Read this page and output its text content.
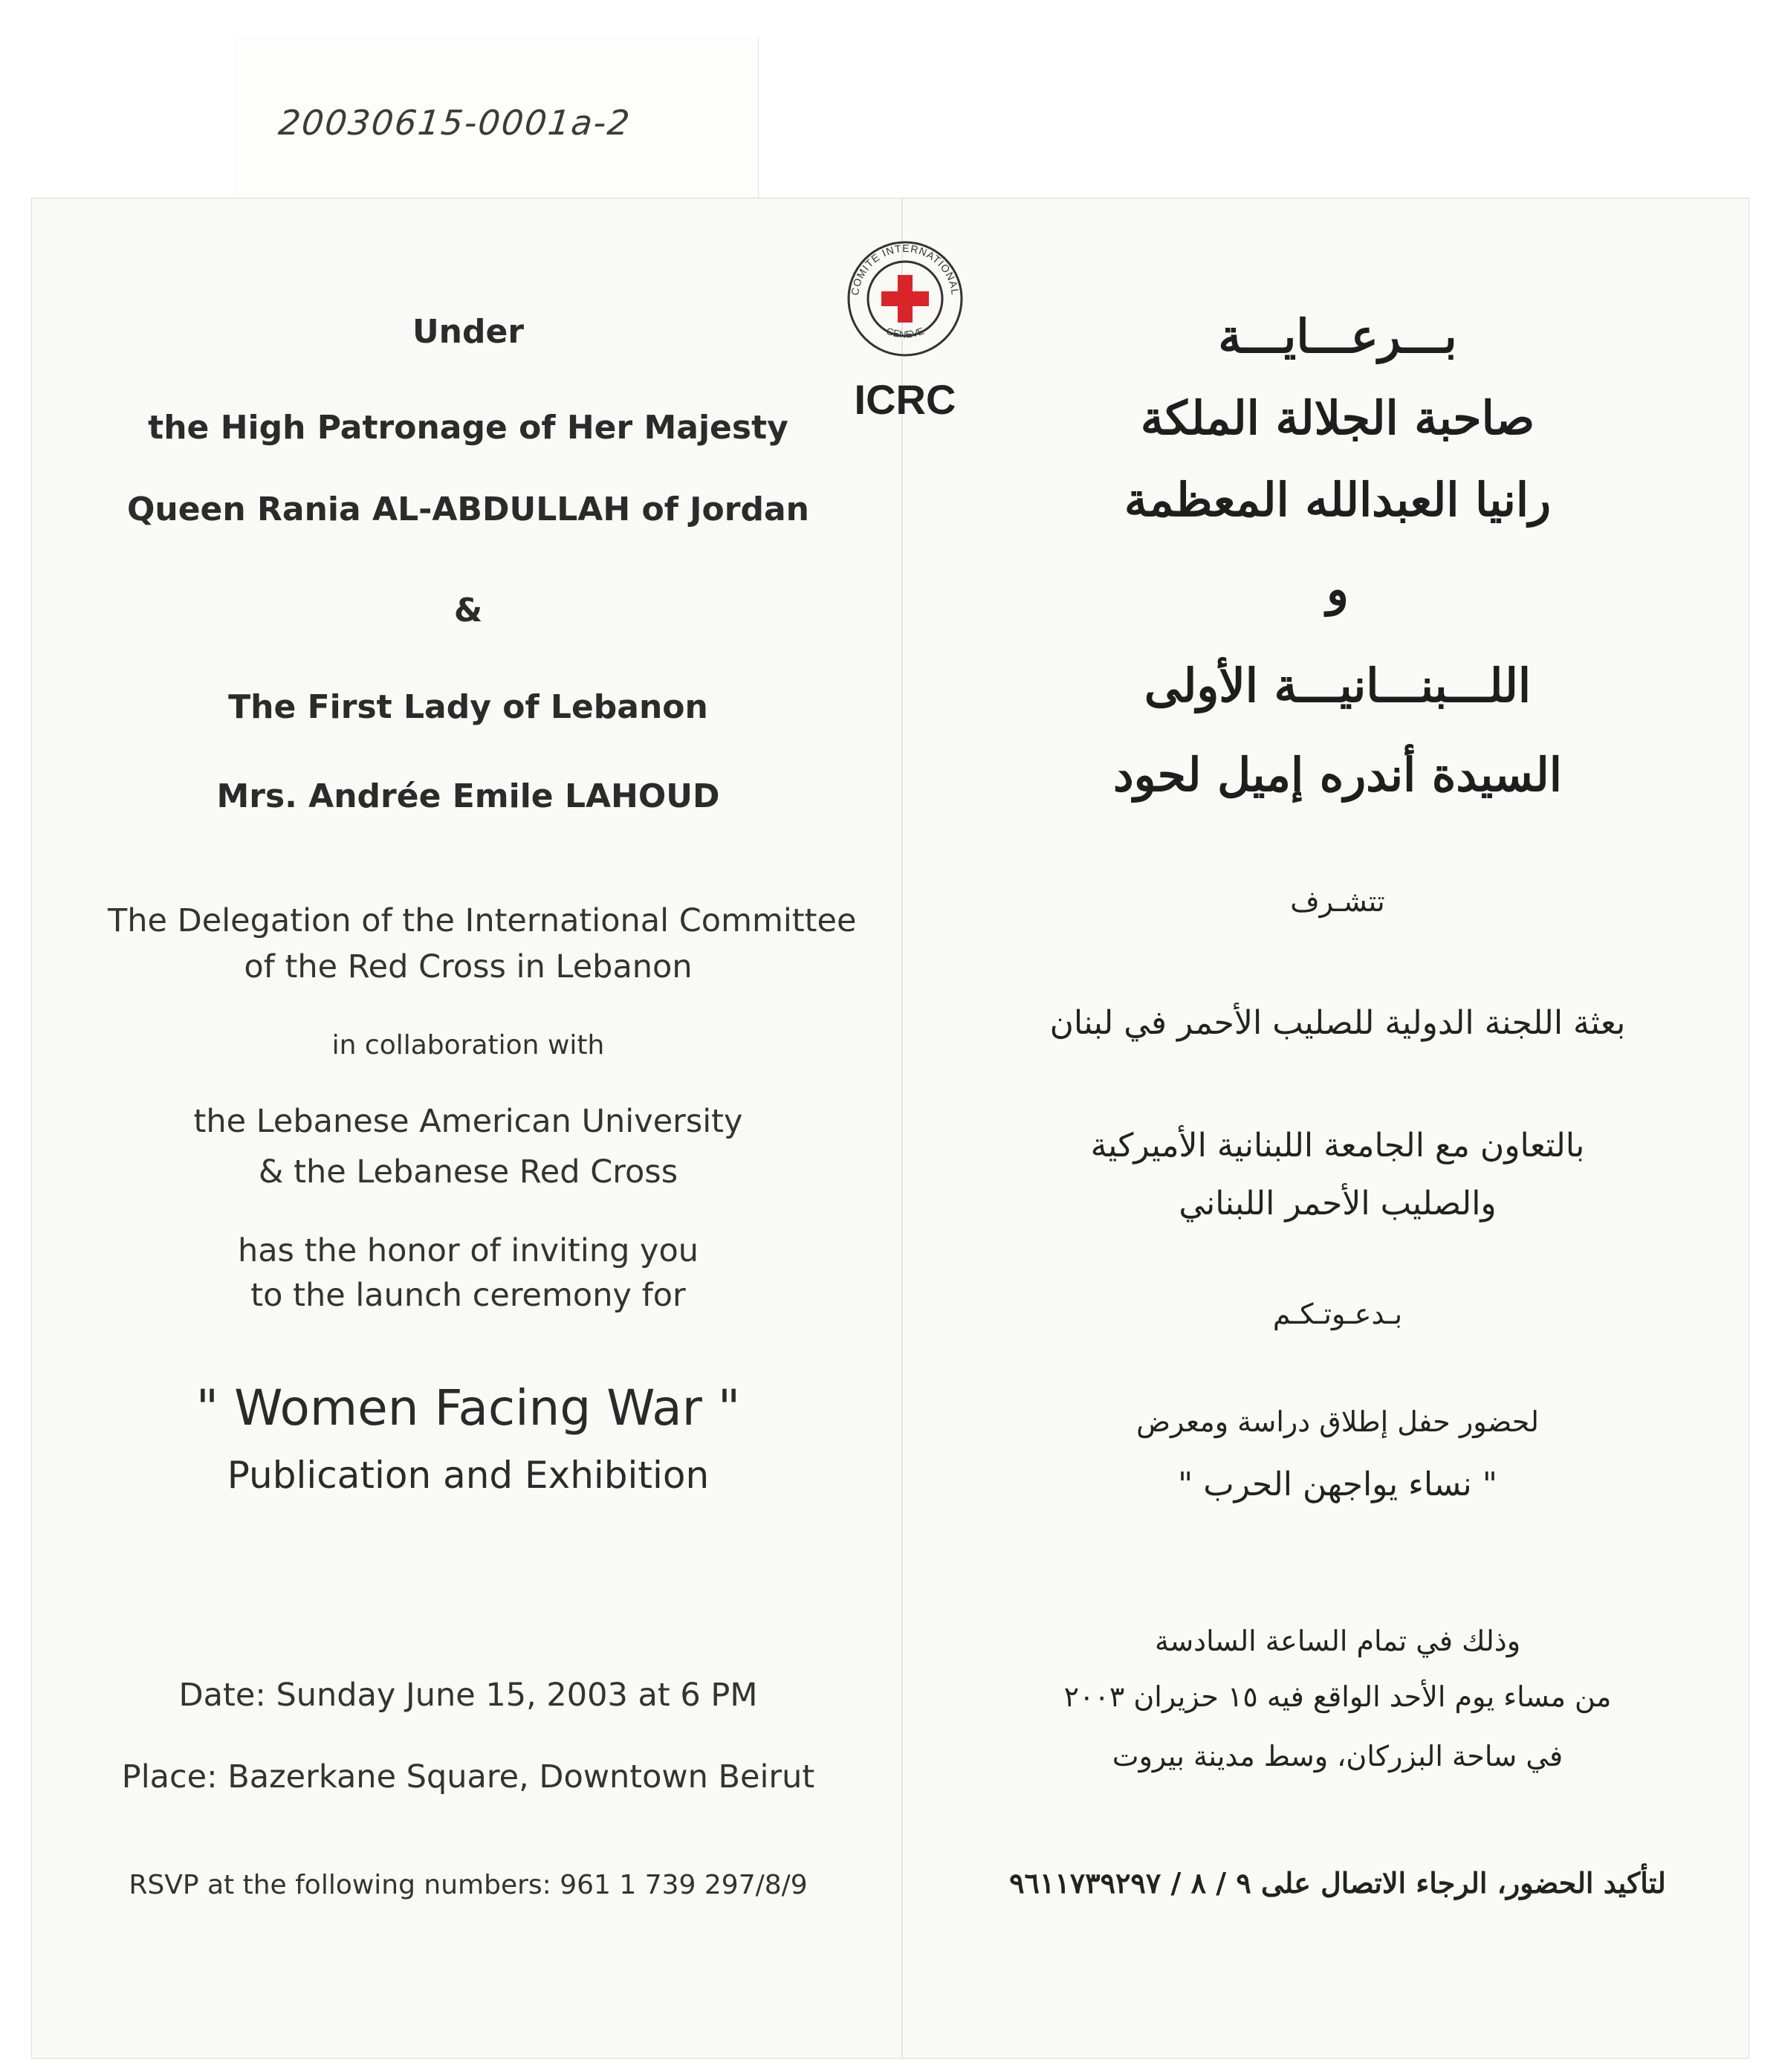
20030615-0001a-2
COMITE INTERNATIONAL
GENEVE
ICRC
Under
the High Patronage of Her Majesty
Queen Rania AL-ABDULLAH of Jordan
&
The First Lady of Lebanon
Mrs. Andrée Emile LAHOUD
The Delegation of the International Committee
of the Red Cross in Lebanon
in collaboration with
the Lebanese American University
& the Lebanese Red Cross
has the honor of inviting you
to the launch ceremony for
" Women Facing War "
Publication and Exhibition
Date: Sunday June 15, 2003 at 6 PM
Place: Bazerkane Square, Downtown Beirut
RSVP at the following numbers: 961 1 739 297/8/9
بـــرعـــايـــة
صاحبة الجلالة الملكة
رانيا العبدالله المعظمة
و
اللـــبنـــانيـــة الأولى
السيدة أندره إميل لحود
تتشـرف
بعثة اللجنة الدولية للصليب الأحمر في لبنان
بالتعاون مع الجامعة اللبنانية الأميركية
والصليب الأحمر اللبناني
بـدعـوتـكـم
لحضور حفل إطلاق دراسة ومعرض
" نساء يواجهن الحرب "
وذلك في تمام الساعة السادسة
من مساء يوم الأحد الواقع فيه ١٥ حزيران ٢٠٠٣
في ساحة البزركان، وسط مدينة بيروت
لتأكيد الحضور، الرجاء الاتصال على ٩ / ٨ / ٩٦١١٧٣٩٢٩٧
